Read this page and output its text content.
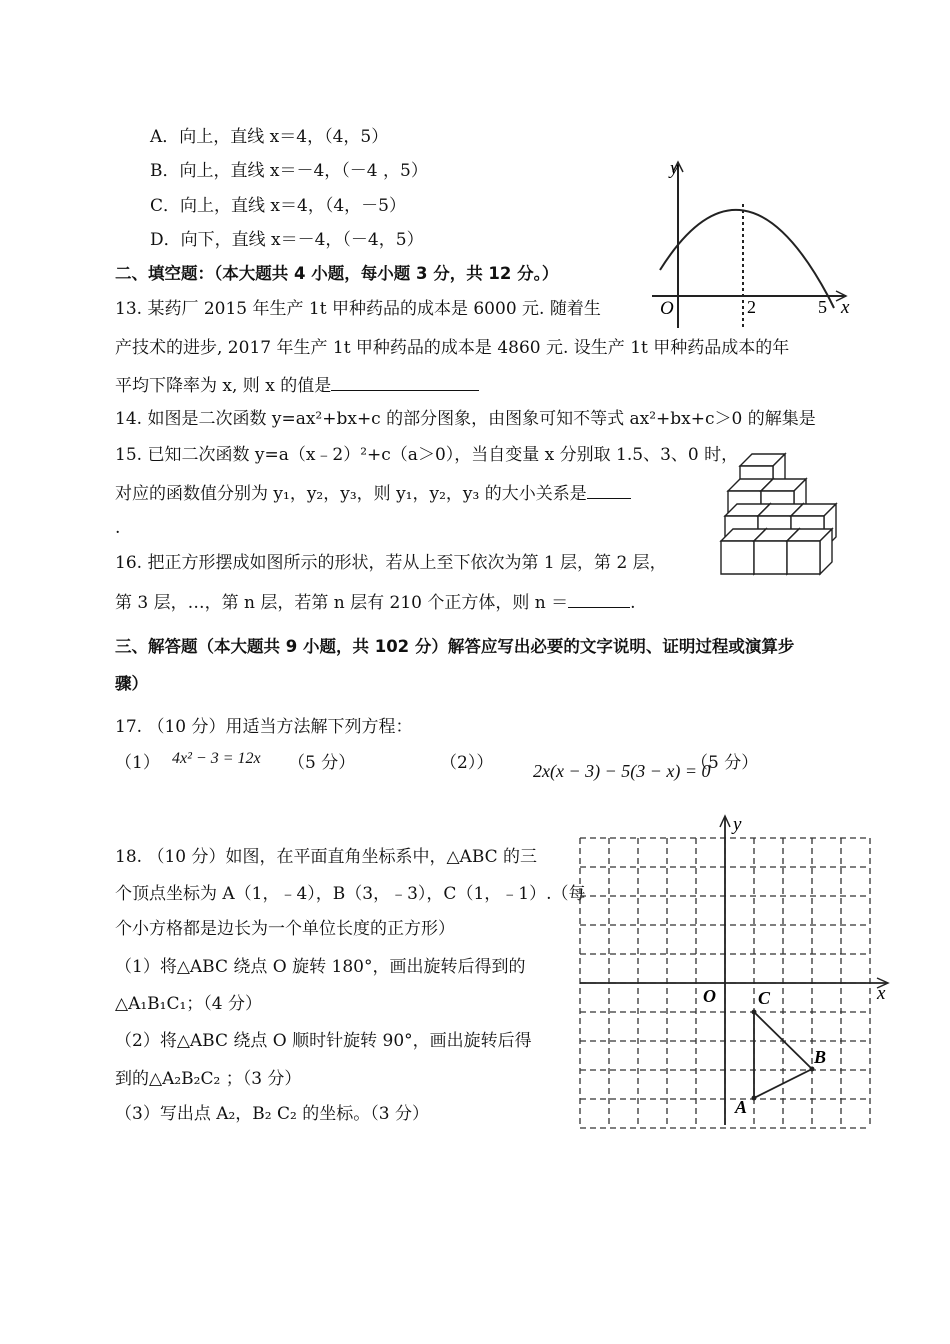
A．向上，直线 x＝4，（4，5）
B．向上，直线 x＝－4，（－4 ，5）
C．向上，直线 x＝4，（4，－5）
D．向下，直线 x＝－4，（－4，5）
二、填空题：（本大题共 4 小题，每小题 3 分，共 12 分。）
13. 某药厂 2015 年生产 1t 甲种药品的成本是 6000 元. 随着生
产技术的进步, 2017 年生产 1t 甲种药品的成本是 4860 元. 设生产 1t 甲种药品成本的年
平均下降率为 x, 则 x 的值是
14. 如图是二次函数 y=ax²+bx+c 的部分图象，由图象可知不等式 ax²+bx+c＞0 的解集是
15. 已知二次函数 y=a（x﹣2）²+c（a＞0），当自变量 x 分别取 1.5、3、0 时，
对应的函数值分别为 y₁，y₂，y₃，则 y₁，y₂，y₃ 的大小关系是
.
16. 把正方形摆成如图所示的形状，若从上至下依次为第 1 层，第 2 层，
第 3 层，…，第 n 层，若第 n 层有 210 个正方体，则 n ＝	.
三、解答题（本大题共 9 小题，共 102 分）解答应写出必要的文字说明、证明过程或演算步
骤）
17. （10 分）用适当方法解下列方程：
（1） 4x² − 3 = 12x （5 分）	（2）） 2x(x − 3) − 5(3 − x) = 0
（5 分）
18. （10 分）如图，在平面直角坐标系中，△ABC 的三
个顶点坐标为 A（1，﹣4），B（3，﹣3），C（1，﹣1）.（每
个小方格都是边长为一个单位长度的正方形）
（1）将△ABC 绕点 O 旋转 180°，画出旋转后得到的
△A₁B₁C₁；（4 分）
（2）将△ABC 绕点 O 顺时针旋转 90°，画出旋转后得
到的△A₂B₂C₂ ；（3 分）
（3）写出点 A₂，B₂ C₂ 的坐标。（3 分）
y
x
O	2	5
y
x
O C
B
A
